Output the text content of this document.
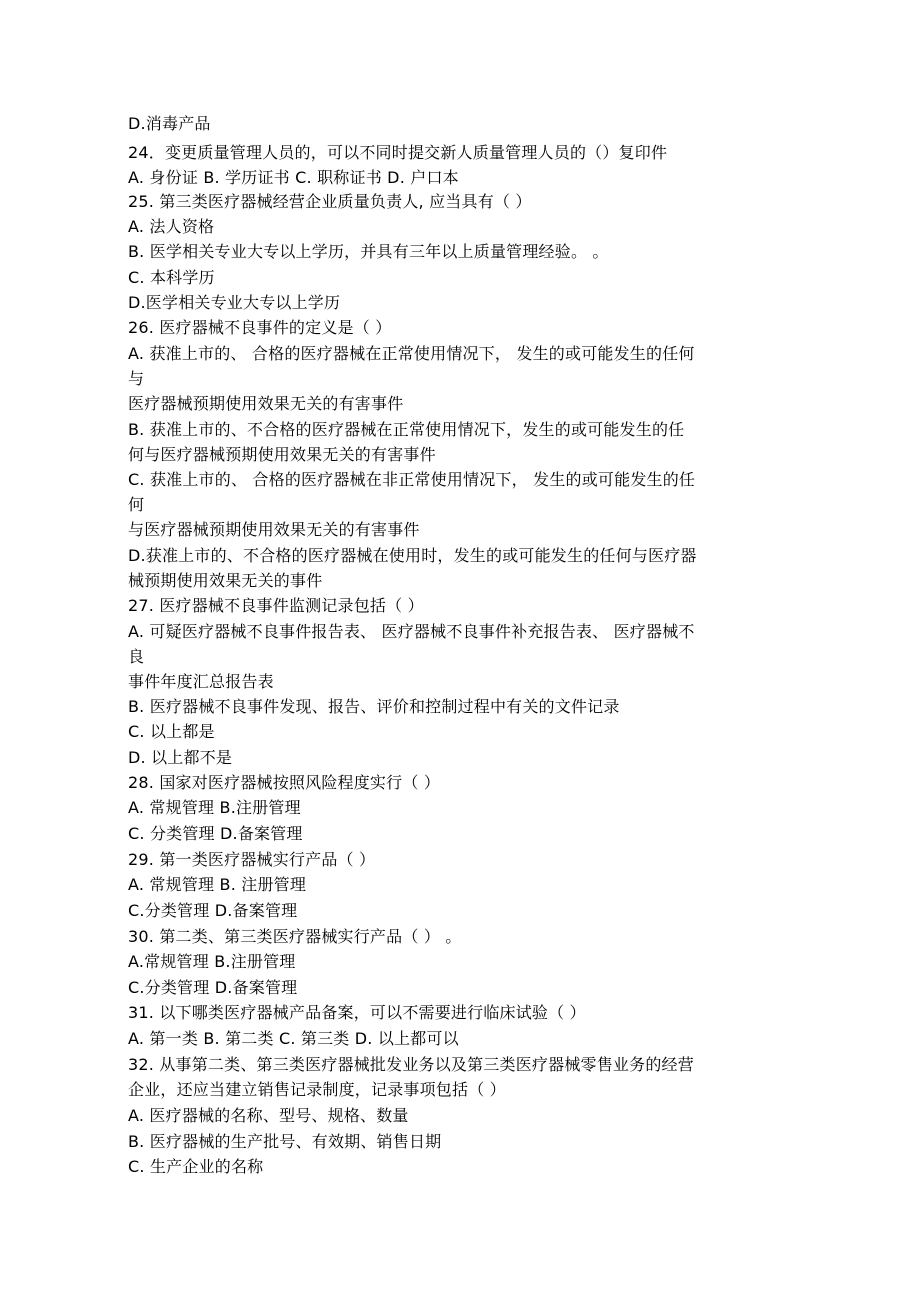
D.消毒产品

24．变更质量管理人员的，可以不同时提交新人质量管理人员的（）复印件

A. 身份证 B. 学历证书 C. 职称证书 D. 户口本

25. 第三类医疗器械经营企业质量负责人, 应当具有（ ）

A. 法人资格

B. 医学相关专业大专以上学历，并具有三年以上质量管理经验。 。

C. 本科学历

D.医学相关专业大专以上学历

26. 医疗器械不良事件的定义是（ ）

A. 获准上市的、 合格的医疗器械在正常使用情况下， 发生的或可能发生的任何

与

医疗器械预期使用效果无关的有害事件

B. 获准上市的、不合格的医疗器械在正常使用情况下，发生的或可能发生的任

何与医疗器械预期使用效果无关的有害事件

C. 获准上市的、 合格的医疗器械在非正常使用情况下， 发生的或可能发生的任

何

与医疗器械预期使用效果无关的有害事件

D.获准上市的、不合格的医疗器械在使用时，发生的或可能发生的任何与医疗器

械预期使用效果无关的事件

27. 医疗器械不良事件监测记录包括（ ）

A. 可疑医疗器械不良事件报告表、 医疗器械不良事件补充报告表、 医疗器械不

良

事件年度汇总报告表

B. 医疗器械不良事件发现、报告、评价和控制过程中有关的文件记录

C. 以上都是

D. 以上都不是

28. 国家对医疗器械按照风险程度实行（ ）

A. 常规管理 B.注册管理

C. 分类管理 D.备案管理

29. 第一类医疗器械实行产品（ ）

A. 常规管理 B. 注册管理

C.分类管理 D.备案管理

30. 第二类、第三类医疗器械实行产品（ ） 。

A.常规管理 B.注册管理

C.分类管理 D.备案管理

31. 以下哪类医疗器械产品备案，可以不需要进行临床试验（ ）

A. 第一类 B. 第二类 C. 第三类 D. 以上都可以

32. 从事第二类、第三类医疗器械批发业务以及第三类医疗器械零售业务的经营

企业，还应当建立销售记录制度，记录事项包括（ ）

A. 医疗器械的名称、型号、规格、数量

B. 医疗器械的生产批号、有效期、销售日期

C. 生产企业的名称
